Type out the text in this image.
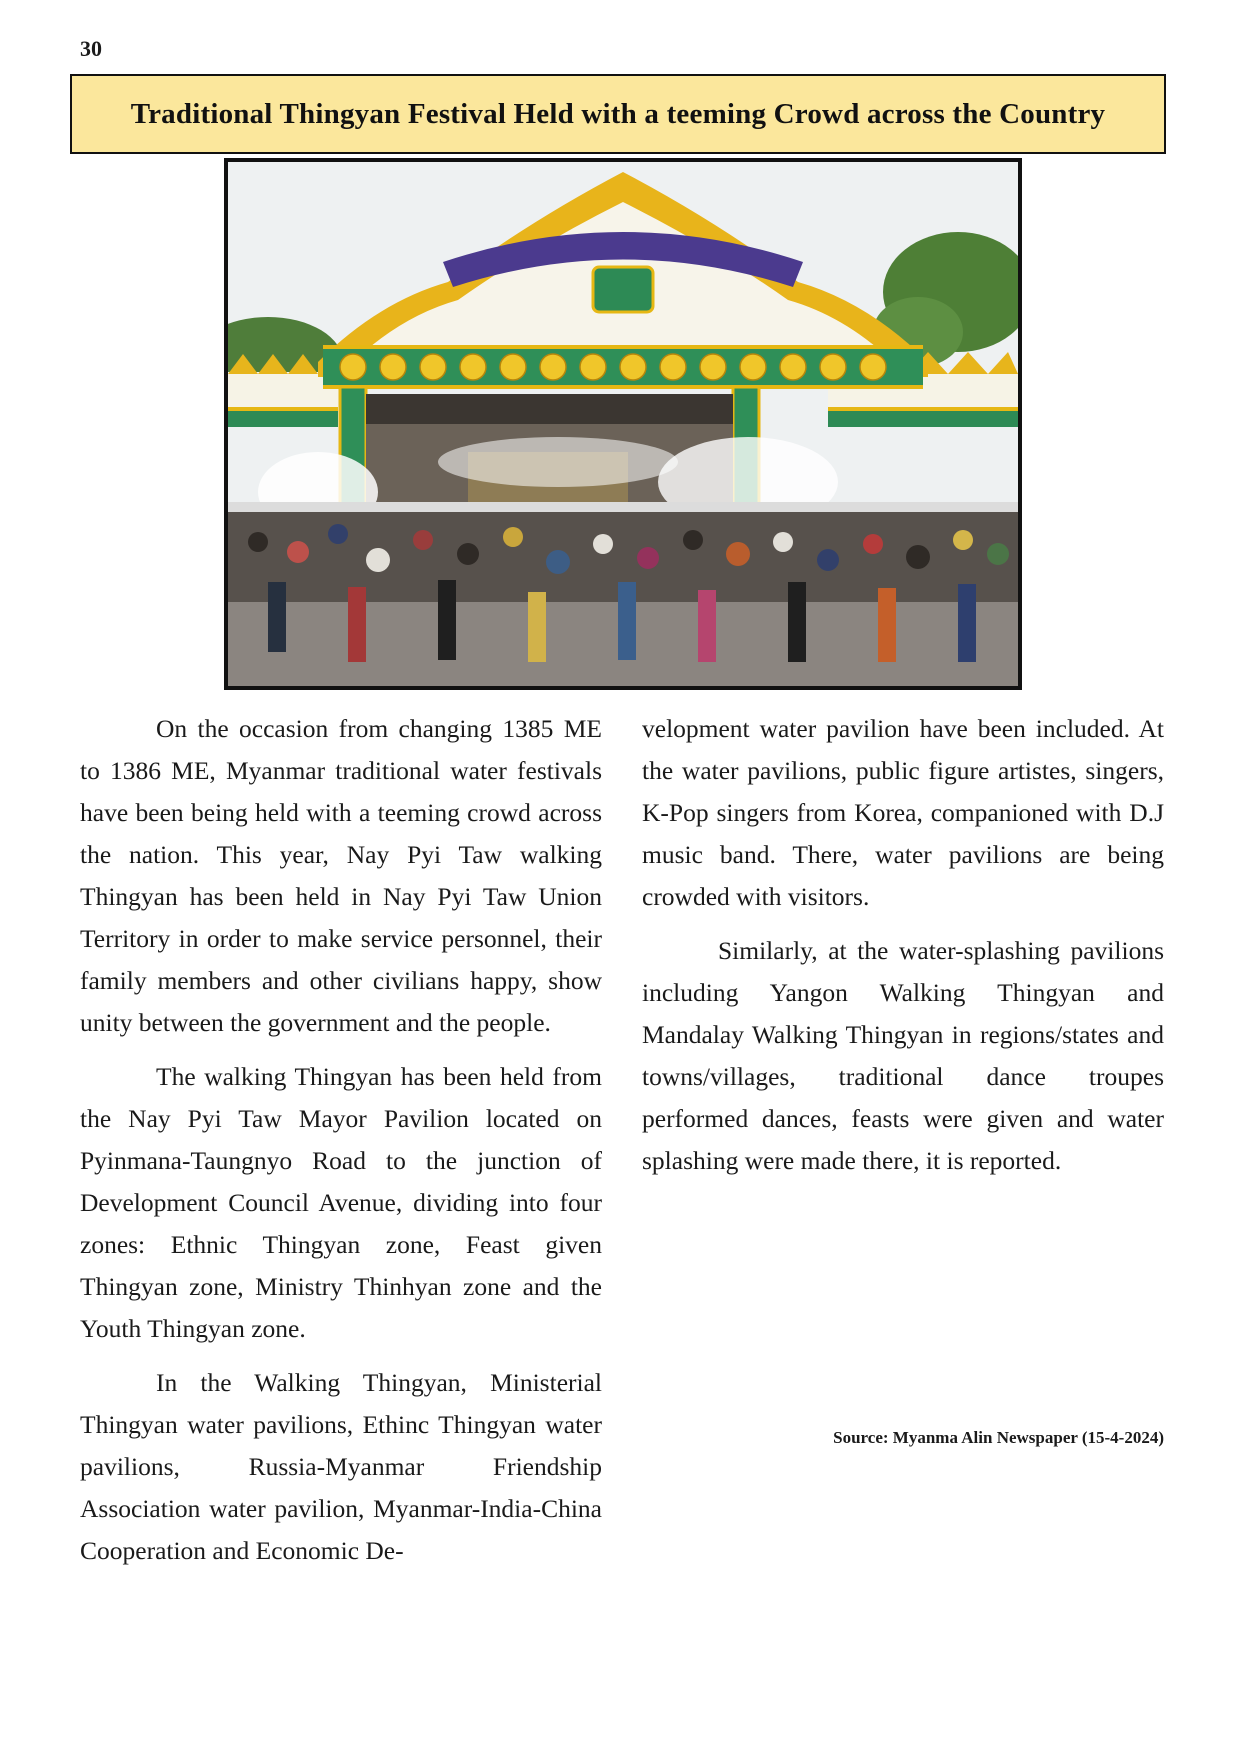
30
Traditional Thingyan Festival Held with a teeming Crowd across the Country

On the occasion from changing 1385 ME to 1386 ME, Myanmar traditional water festivals have been being held with a teeming crowd across the nation. This year, Nay Pyi Taw walking Thingyan has been held in Nay Pyi Taw Union Territory in order to make service personnel, their family members and other civilians happy, show unity between the government and the people.

The walking Thingyan has been held from the Nay Pyi Taw Mayor Pavilion located on Pyinmana-Taungnyo Road to the junction of Development Council Avenue, dividing into four zones: Ethnic Thingyan zone, Feast given Thingyan zone, Ministry Thinhyan zone and the Youth Thingyan zone.

In the Walking Thingyan, Ministerial Thingyan water pavilions, Ethinc Thingyan water pavilions, Russia-Myanmar Friendship Association water pavilion, Myanmar-India-China Cooperation and Economic De-

velopment water pavilion have been included. At the water pavilions, public figure artistes, singers, K-Pop singers from Korea, companioned with D.J music band. There, water pavilions are being crowded with visitors.

Similarly, at the water-splashing pavilions including Yangon Walking Thingyan and Mandalay Walking Thingyan in regions/states and towns/villages, traditional dance troupes performed dances, feasts were given and water splashing were made there, it is reported.

Source: Myanma Alin Newspaper (15-4-2024)
